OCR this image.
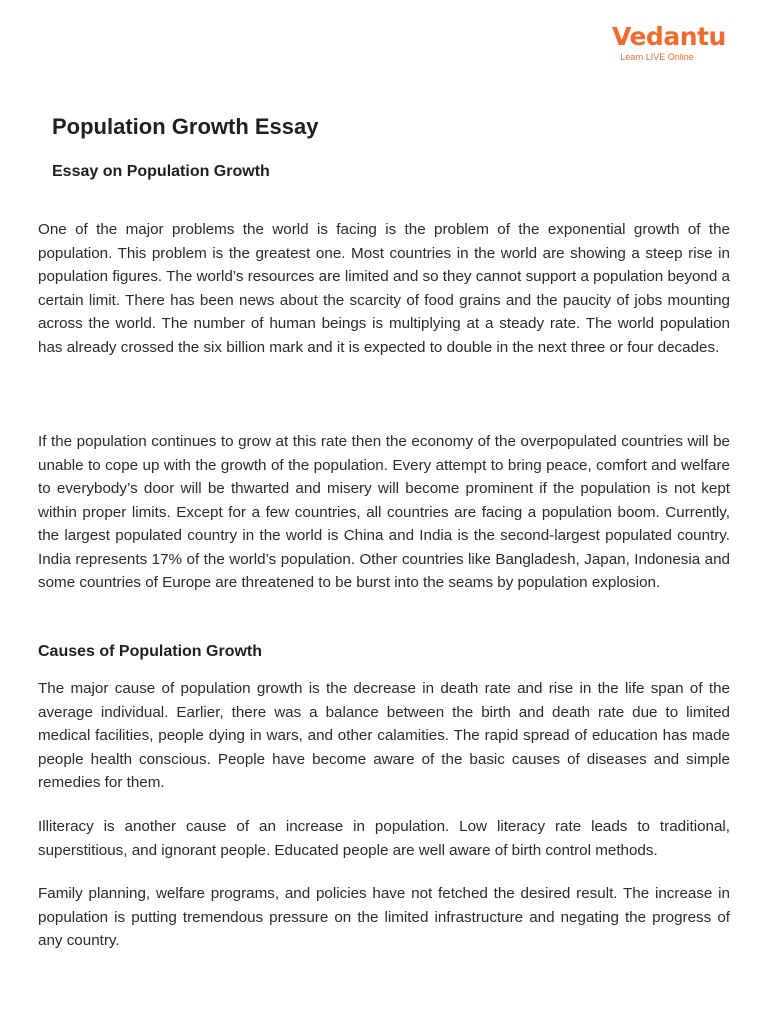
Vedantu
Learn LIVE Online
Population Growth Essay
Essay on Population Growth

One of the major problems the world is facing is the problem of the exponential growth of the population. This problem is the greatest one. Most countries in the world are showing a steep rise in population figures. The world’s resources are limited and so they cannot support a population beyond a certain limit. There has been news about the scarcity of food grains and the paucity of jobs mounting across the world. The number of human beings is multiplying at a steady rate. The world population has already crossed the six billion mark and it is expected to double in the next three or four decades.

If the population continues to grow at this rate then the economy of the overpopulated countries will be unable to cope up with the growth of the population. Every attempt to bring peace, comfort and welfare to everybody’s door will be thwarted and misery will become prominent if the population is not kept within proper limits. Except for a few countries, all countries are facing a population boom. Currently, the largest populated country in the world is China and India is the second-largest populated country. India represents 17% of the world’s population. Other countries like Bangladesh, Japan, Indonesia and some countries of Europe are threatened to be burst into the seams by population explosion.

Causes of Population Growth

The major cause of population growth is the decrease in death rate and rise in the life span of the average individual. Earlier, there was a balance between the birth and death rate due to limited medical facilities, people dying in wars, and other calamities. The rapid spread of education has made people health conscious. People have become aware of the basic causes of diseases and simple remedies for them.

Illiteracy is another cause of an increase in population. Low literacy rate leads to traditional, superstitious, and ignorant people. Educated people are well aware of birth control methods.

Family planning, welfare programs, and policies have not fetched the desired result. The increase in population is putting tremendous pressure on the limited infrastructure and negating the progress of any country.
